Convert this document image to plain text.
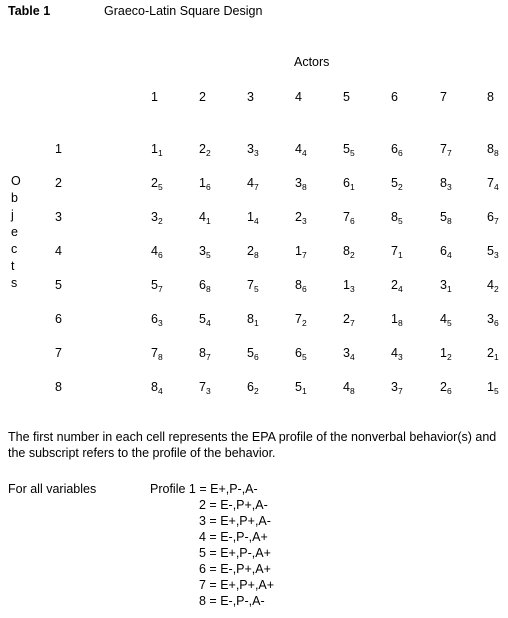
Table 1	Graeco-Latin Square Design
Actors
1	2	3	4	5	6	7	8
1	$1_1$	$2_2$	$3_3$	$4_4$	$5_5$	$6_6$	$7_7$	$8_8$
2	$2_5$	$1_6$	$4_7$	$3_8$	$6_1$	$5_2$	$8_3$	$7_4$
3	$3_2$	$4_1$	$1_4$	$2_3$	$7_6$	$8_5$	$5_8$	$6_7$
4	$4_6$	$3_5$	$2_8$	$1_7$	$8_2$	$7_1$	$6_4$	$5_3$
5	$5_7$	$6_8$	$7_5$	$8_6$	$1_3$	$2_4$	$3_1$	$4_2$
6	$6_3$	$5_4$	$8_1$	$7_2$	$2_7$	$1_8$	$4_5$	$3_6$
7	$7_8$	$8_7$	$5_6$	$6_5$	$3_4$	$4_3$	$1_2$	$2_1$
8	$8_4$	$7_3$	$6_2$	$5_1$	$4_8$	$3_7$	$2_6$	$1_5$
O
b
j
e
c
t
s
The first number in each cell represents the EPA profile of the nonverbal behavior(s) and the subscript refers to the profile of the behavior.
For all variables	Profile 1 = E+,P-,A-
2 = E-,P+,A-
3 = E+,P+,A-
4 = E-,P-,A+
5 = E+,P-,A+
6 = E-,P+,A+
7 = E+,P+,A+
8 = E-,P-,A-
